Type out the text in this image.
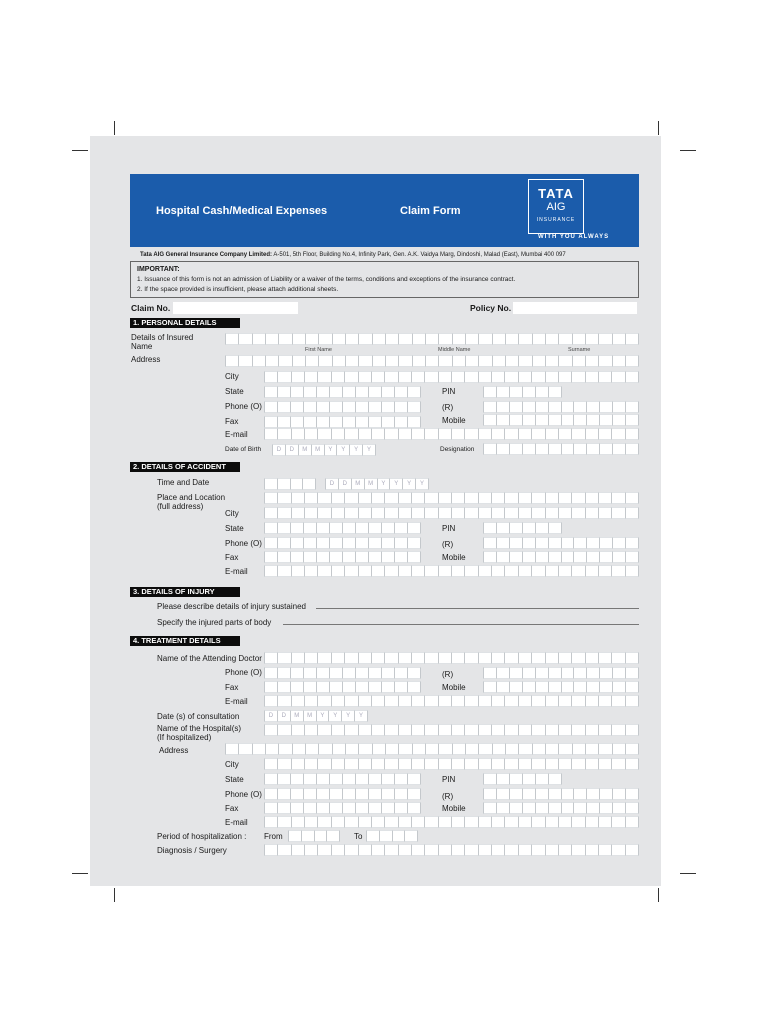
Hospital Cash/Medical Expenses	Claim Form
TATA
AIG
INSURANCE
WITH YOU ALWAYS
Tata AIG General Insurance Company Limited: A-501, 5th Floor, Building No.4, Infinity Park, Gen. A.K. Vaidya Marg, Dindoshi, Malad (East), Mumbai 400 097
IMPORTANT:
1. Issuance of this form is not an admission of Liability or a waiver of the terms, conditions and exceptions of the insurance contract.
2. If the space provided is insufficient, please attach additional sheets.
Claim No.	Policy No.
1. PERSONAL DETAILS
Details of Insured
Name	First Name	Middle Name	Surname
Address
City
State	PIN
Phone (O)	(R)
Fax	Mobile
E-mail
Date of Birth	D	D	M	M	Y	Y	Y	Y	Designation
2. DETAILS OF ACCIDENT
Time and Date	D	D	M	M	Y	Y	Y	Y
Place and Location
(full address)
City
State	PIN
Phone (O)	(R)
Fax	Mobile
E-mail
3. DETAILS OF INJURY
Please describe details of injury sustained
Specify the injured parts of body
4. TREATMENT DETAILS
Name of the Attending Doctor
Phone (O)	(R)
Fax	Mobile
E-mail
Date (s) of consultation	D	D	M	M	Y	Y	Y	Y
Name of the Hospital(s)
(If hospitalized)
Address
City
State	PIN
Phone (O)	(R)
Fax	Mobile
E-mail
Period of hospitalization : From	To
Diagnosis / Surgery
